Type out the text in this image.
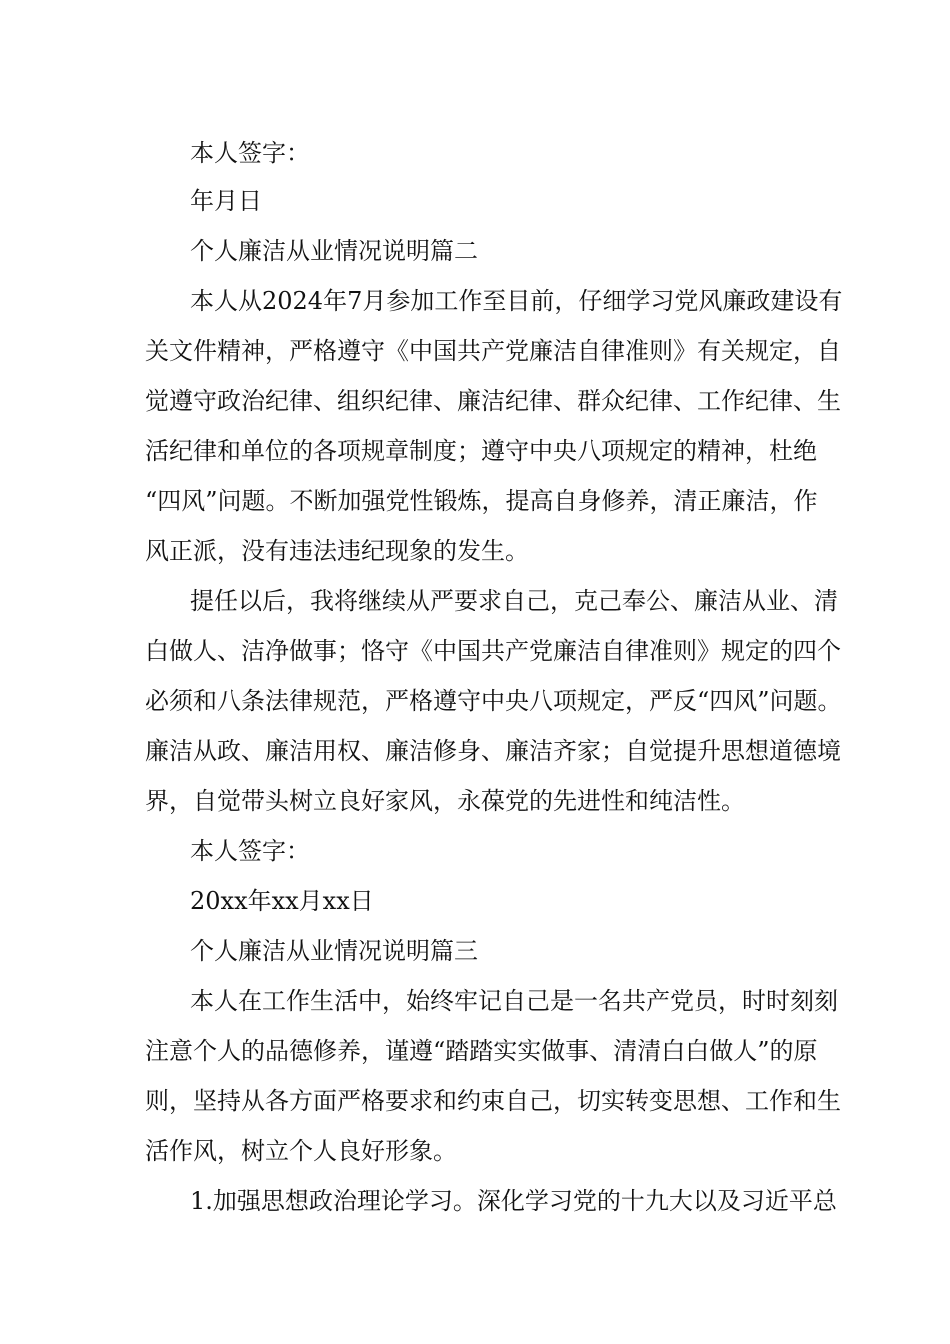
本人签字：

年月日

个人廉洁从业情况说明篇二

本人从2024年7月参加工作至目前，仔细学习党风廉政建设有

关文件精神，严格遵守《中国共产党廉洁自律准则》有关规定，自

觉遵守政治纪律、组织纪律、廉洁纪律、群众纪律、工作纪律、生

活纪律和单位的各项规章制度；遵守中央八项规定的精神，杜绝

“四风”问题。不断加强党性锻炼，提高自身修养，清正廉洁，作

风正派，没有违法违纪现象的发生。

提任以后，我将继续从严要求自己，克己奉公、廉洁从业、清

白做人、洁净做事；恪守《中国共产党廉洁自律准则》规定的四个

必须和八条法律规范，严格遵守中央八项规定，严反“四风”问题。

廉洁从政、廉洁用权、廉洁修身、廉洁齐家；自觉提升思想道德境

界，自觉带头树立良好家风，永葆党的先进性和纯洁性。

本人签字：

20xx年xx月xx日

个人廉洁从业情况说明篇三

本人在工作生活中，始终牢记自己是一名共产党员，时时刻刻

注意个人的品德修养，谨遵“踏踏实实做事、清清白白做人”的原

则，坚持从各方面严格要求和约束自己，切实转变思想、工作和生

活作风，树立个人良好形象。

1.加强思想政治理论学习。深化学习党的十九大以及习近平总
